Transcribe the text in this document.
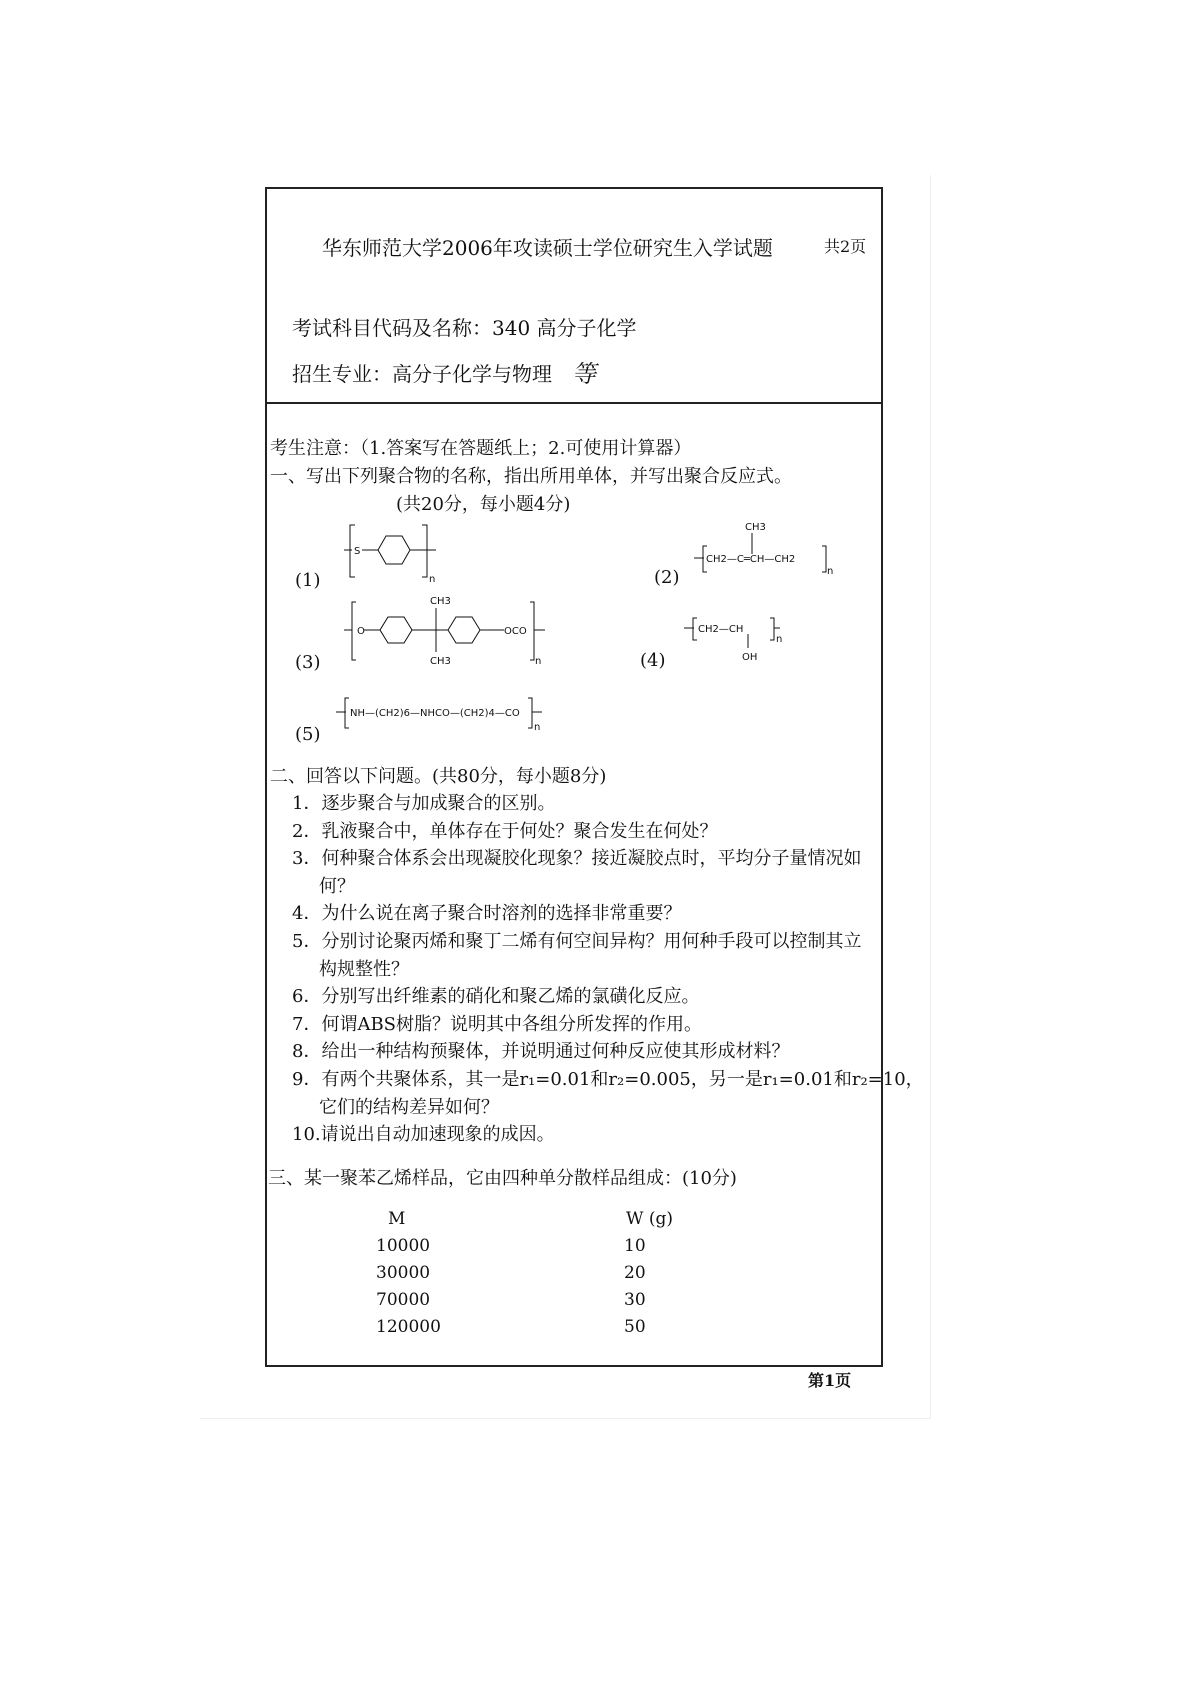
华东师范大学2006年攻读硕士学位研究生入学试题	共2页
考试科目代码及名称：340 高分子化学
招生专业：高分子化学与物理 等
考生注意：（1.答案写在答题纸上；2.可使用计算器）
一、写出下列聚合物的名称，指出所用单体，并写出聚合反应式。
(共20分，每小题4分)
(1)
S
n	(2)
CH3
CH2—C═CH—CH2
n
(3)
O
CH3
CH3
OCO
n	(4)
CH2—CH
OH
n
(5)
NH—(CH2)6—NHCO—(CH2)4—CO
n
二、回答以下问题。(共80分，每小题8分)
1．逐步聚合与加成聚合的区别。
2．乳液聚合中，单体存在于何处？聚合发生在何处？
3．何种聚合体系会出现凝胶化现象？接近凝胶点时，平均分子量情况如
何？
4．为什么说在离子聚合时溶剂的选择非常重要？
5．分别讨论聚丙烯和聚丁二烯有何空间异构？用何种手段可以控制其立
构规整性？
6．分别写出纤维素的硝化和聚乙烯的氯磺化反应。
7．何谓ABS树脂？说明其中各组分所发挥的作用。
8．给出一种结构预聚体，并说明通过何种反应使其形成材料？
9．有两个共聚体系，其一是r₁=0.01和r₂=0.005，另一是r₁=0.01和r₂=10，
它们的结构差异如何？
10.请说出自动加速现象的成因。
三、某一聚苯乙烯样品，它由四种单分散样品组成：(10分)
M	W (g)
10000	10
30000	20
70000	30
120000	50
第1页
